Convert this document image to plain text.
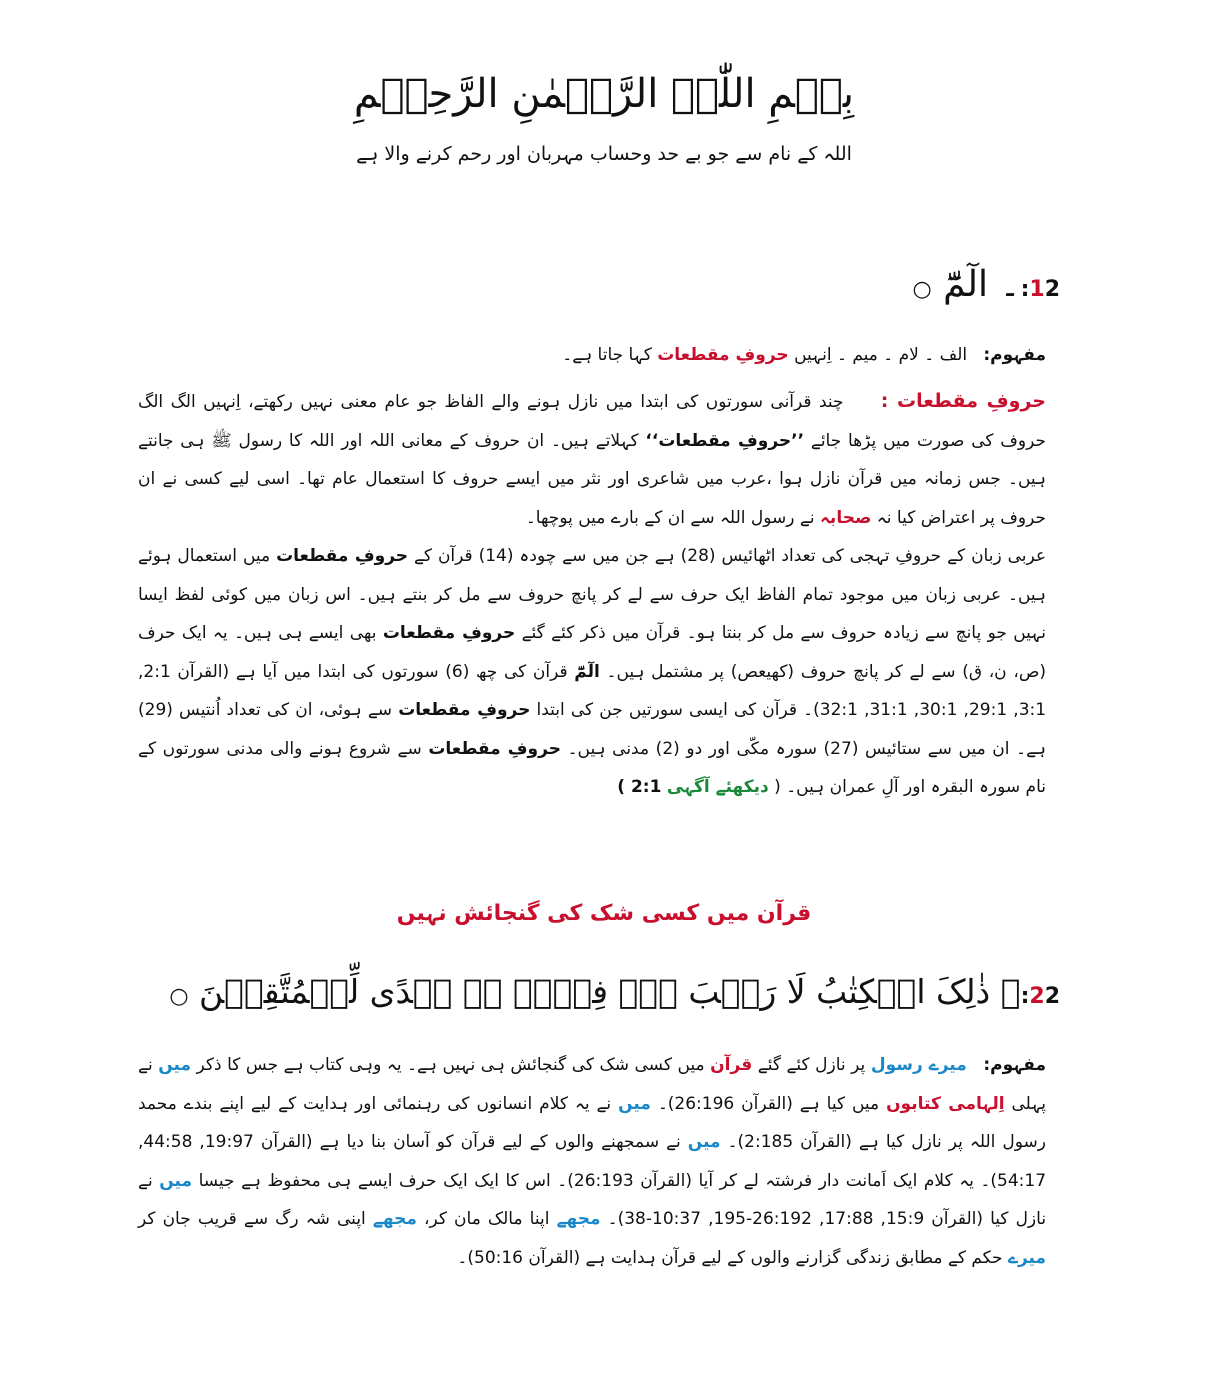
بِسۡمِ اللّٰہِ الرَّحۡمٰنِ الرَّحِیۡمِ
اللہ کے نام سے جو بے حد وحساب مہربان اور رحم کرنے والا ہے
12:۔ الٓمّٓ ○

مفہوم:   الف ۔ لام ۔ میم ۔ اِنہیں حروفِ مقطعات کہا جاتا ہے۔

حروفِ مقطعات :     چند قرآنی سورتوں کی ابتدا میں نازل ہونے والے الفاظ جو عام معنی نہیں رکھتے، اِنہیں الگ الگ حروف کی صورت میں پڑھا جائے ’’حروفِ مقطعات‘‘ کہلاتے ہیں۔ ان حروف کے معانی اللہ اور اللہ کا رسول ﷺ ہی جانتے ہیں۔ جس زمانہ میں قرآن نازل ہوا ،عرب میں شاعری اور نثر میں ایسے حروف کا استعمال عام تھا۔ اسی لیے کسی نے ان حروف پر اعتراض کیا نہ صحابہ نے رسول اللہ سے ان کے بارے میں پوچھا۔

عربی زبان کے حروفِ تہجی کی تعداد اٹھائیس (28) ہے جن میں سے چودہ (14) قرآن کے حروفِ مقطعات میں استعمال ہوئے ہیں۔ عربی زبان میں موجود تمام الفاظ ایک حرف سے لے کر پانچ حروف سے مل کر بنتے ہیں۔ اس زبان میں کوئی لفظ ایسا نہیں جو پانچ سے زیادہ حروف سے مل کر بنتا ہو۔ قرآن میں ذکر کئے گئے حروفِ مقطعات بھی ایسے ہی ہیں۔ یہ ایک حرف (ص، ن، ق) سے لے کر پانچ حروف (کھیعص) پر مشتمل ہیں۔ الٓمّٓ قرآن کی چھ (6) سورتوں کی ابتدا میں آیا ہے (القرآن 2:1, 3:1, 29:1, 30:1, 31:1, 32:1)۔ قرآن کی ایسی سورتیں جن کی ابتدا حروفِ مقطعات سے ہوئی، ان کی تعداد اُنتیس (29) ہے۔ ان میں سے ستائیس (27) سورہ مکّی اور دو (2) مدنی ہیں۔ حروفِ مقطعات سے شروع ہونے والی مدنی سورتوں کے نام سورہ البقرہ اور آلِ عمران ہیں۔ ( دیکھئے آگہی 2:1 )

قرآن میں کسی شک کی گنجائش نہیں
22:۔ ذٰلِکَ الۡکِتٰبُ لَا رَیۡبَ ۚۖۛ فِیۡہِ ۚۛ ہُدًی لِّلۡمُتَّقِیۡنَ ○

مفہوم:   میرے رسول پر نازل کئے گئے قرآن میں کسی شک کی گنجائش ہی نہیں ہے۔ یہ وہی کتاب ہے جس کا ذکر میں نے پہلی اِلہامی کتابوں میں کیا ہے (القرآن 26:196)۔ میں نے یہ کلام انسانوں کی رہنمائی اور ہدایت کے لیے اپنے بندے محمد رسول اللہ پر نازل کیا ہے (القرآن 2:185)۔ میں نے سمجھنے والوں کے لیے قرآن کو آسان بنا دیا ہے (القرآن 19:97, 44:58, 54:17)۔ یہ کلام ایک اَمانت دار فرشتہ لے کر آیا (القرآن 26:193)۔ اس کا ایک ایک حرف ایسے ہی محفوظ ہے جیسا میں نے نازل کیا (القرآن 15:9, 17:88, 26:192-195, 10:37-38)۔ مجھے اپنا مالک مان کر، مجھے اپنی شہ رگ سے قریب جان کر میرے حکم کے مطابق زندگی گزارنے والوں کے لیے قرآن ہدایت ہے (القرآن 50:16)۔
